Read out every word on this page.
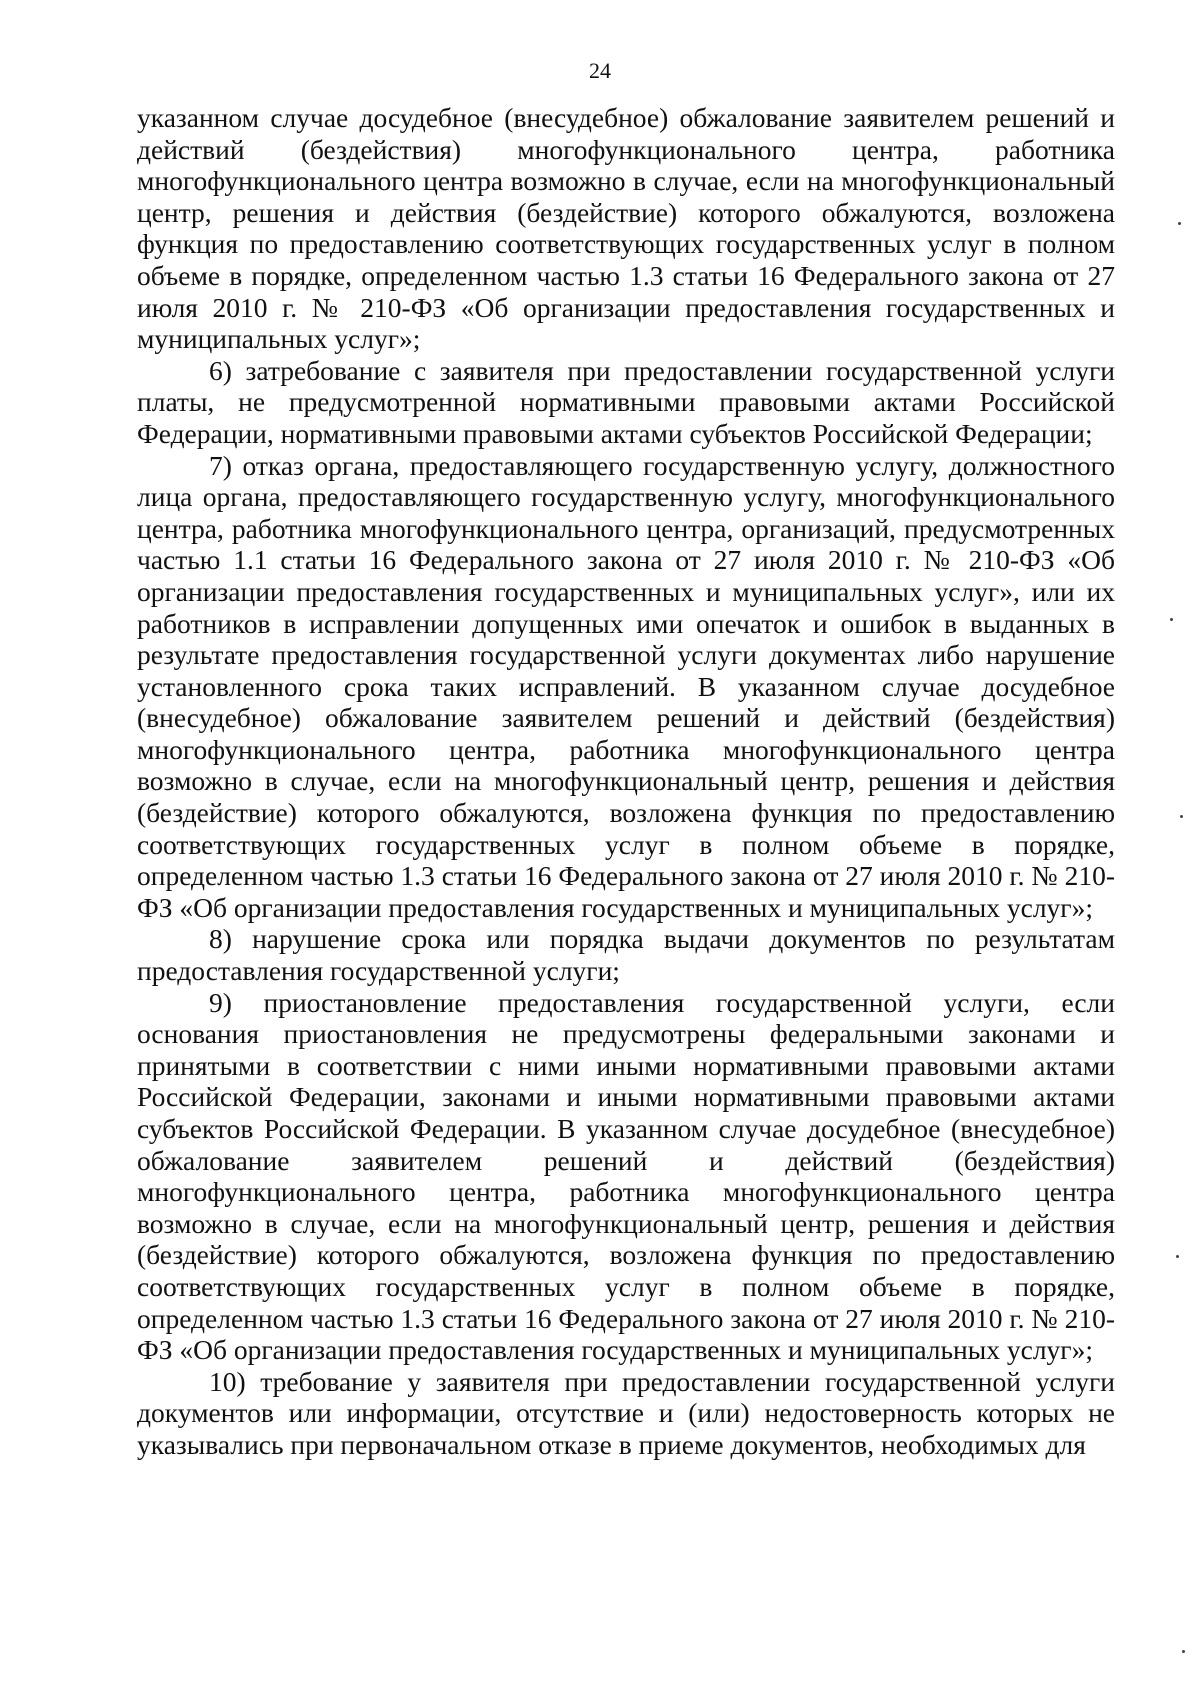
24

указанном случае досудебное (внесудебное) обжалование заявителем решений и действий (бездействия) многофункционального центра, работника многофункционального центра возможно в случае, если на многофункциональный центр, решения и действия (бездействие) которого обжалуются, возложена функция по предоставлению соответствующих государственных услуг в полном объеме в порядке, определенном частью 1.3 статьи 16 Федерального закона от 27 июля 2010 г. № 210-ФЗ «Об организации предоставления государственных и муниципальных услуг»;

6) затребование с заявителя при предоставлении государственной услуги платы, не предусмотренной нормативными правовыми актами Российской Федерации, нормативными правовыми актами субъектов Российской Федерации;

7) отказ органа, предоставляющего государственную услугу, должностного лица органа, предоставляющего государственную услугу, многофункционального центра, работника многофункционального центра, организаций, предусмотренных частью 1.1 статьи 16 Федерального закона от 27 июля 2010 г. № 210-ФЗ «Об организации предоставления государственных и муниципальных услуг», или их работников в исправлении допущенных ими опечаток и ошибок в выданных в результате предоставления государственной услуги документах либо нарушение установленного срока таких исправлений. В указанном случае досудебное (внесудебное) обжалование заявителем решений и действий (бездействия) многофункционального центра, работника многофункционального центра возможно в случае, если на многофункциональный центр, решения и действия (бездействие) которого обжалуются, возложена функция по предоставлению соответствующих государственных услуг в полном объеме в порядке, определенном частью 1.3 статьи 16 Федерального закона от 27 июля 2010 г. № 210-ФЗ «Об организации предоставления государственных и муниципальных услуг»;

8) нарушение срока или порядка выдачи документов по результатам предоставления государственной услуги;

9) приостановление предоставления государственной услуги, если основания приостановления не предусмотрены федеральными законами и принятыми в соответствии с ними иными нормативными правовыми актами Российской Федерации, законами и иными нормативными правовыми актами субъектов Российской Федерации. В указанном случае досудебное (внесудебное) обжалование заявителем решений и действий (бездействия) многофункционального центра, работника многофункционального центра возможно в случае, если на многофункциональный центр, решения и действия (бездействие) которого обжалуются, возложена функция по предоставлению соответствующих государственных услуг в полном объеме в порядке, определенном частью 1.3 статьи 16 Федерального закона от 27 июля 2010 г. № 210-ФЗ «Об организации предоставления государственных и муниципальных услуг»;

10) требование у заявителя при предоставлении государственной услуги документов или информации, отсутствие и (или) недостоверность которых не указывались при первоначальном отказе в приеме документов, необходимых для
